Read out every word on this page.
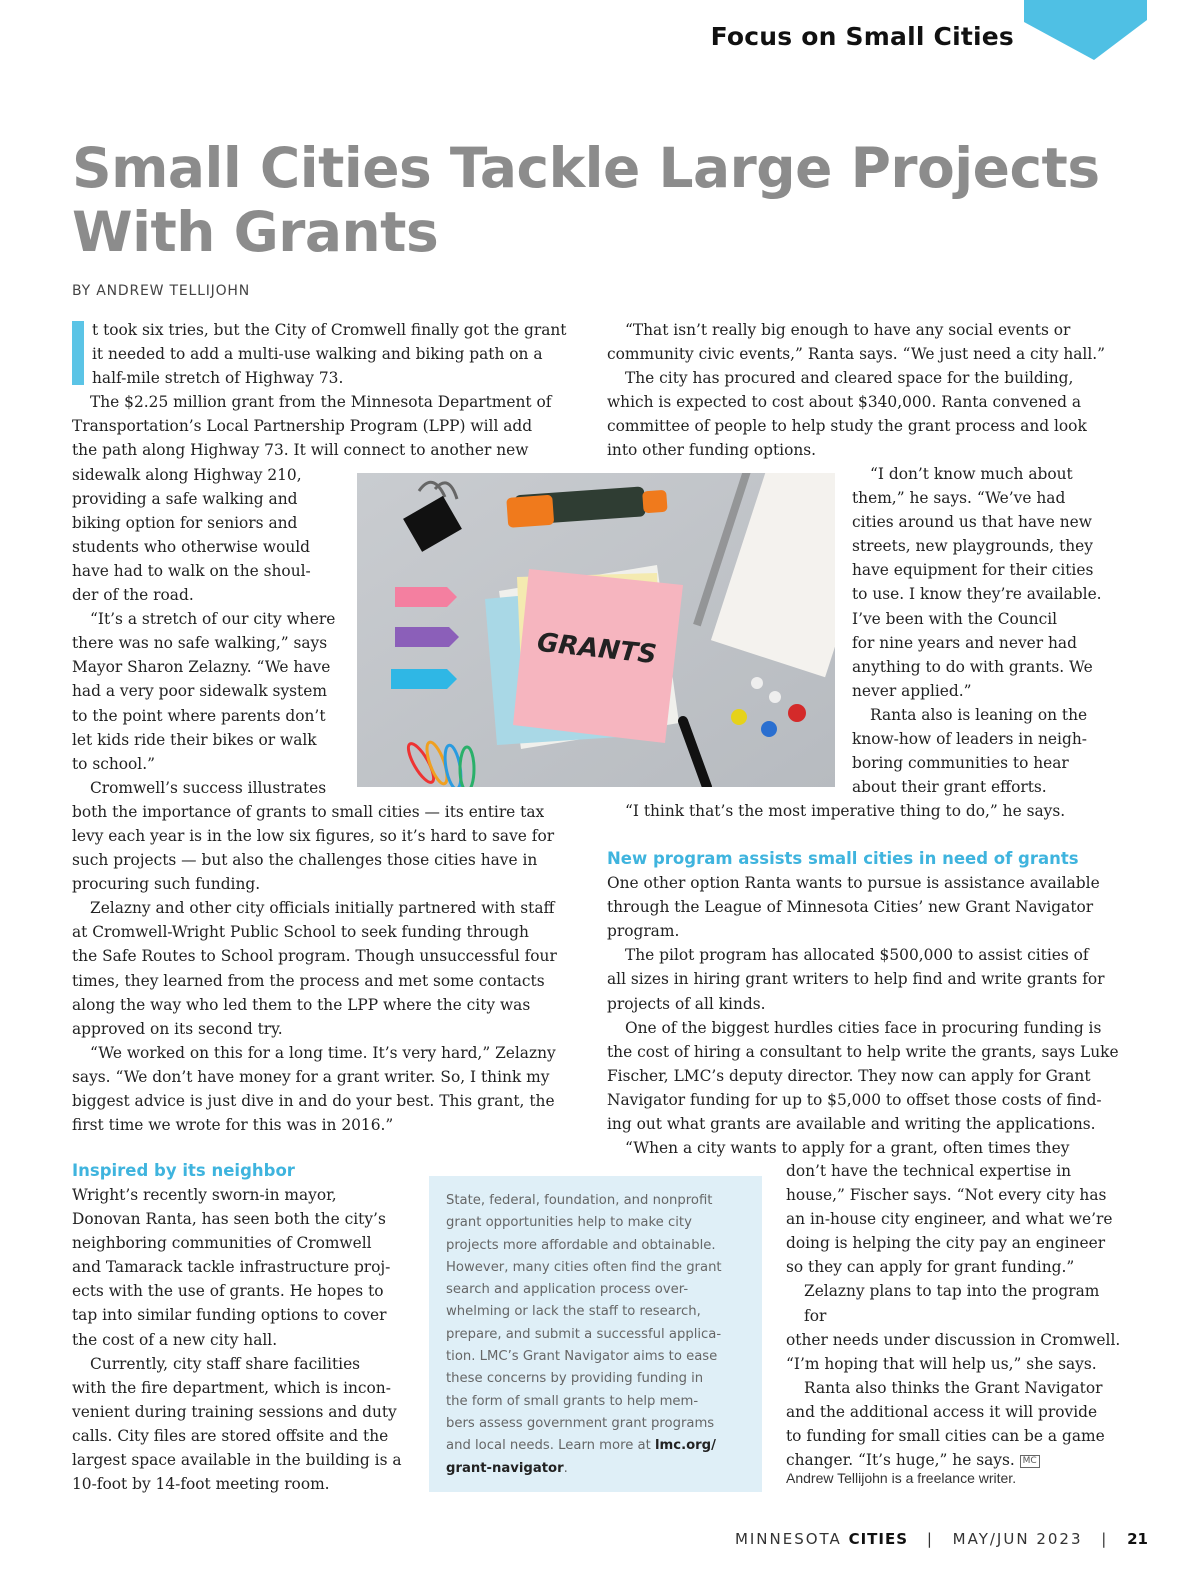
Focus on Small Cities
Small Cities Tackle Large Projects
With Grants
BY ANDREW TELLIJOHN
t took six tries, but the City of Cromwell finally got the grant
it needed to add a multi-use walking and biking path on a
half-mile stretch of Highway 73.
The $2.25 million grant from the Minnesota Department of
Transportation’s Local Partnership Program (LPP) will add
the path along Highway 73. It will connect to another new
sidewalk along Highway 210,
providing a safe walking and
biking option for seniors and
students who otherwise would
have had to walk on the shoul-
der of the road.
“It’s a stretch of our city where
there was no safe walking,” says
Mayor Sharon Zelazny. “We have
had a very poor sidewalk system
to the point where parents don’t
let kids ride their bikes or walk
to school.”
Cromwell’s success illustrates
both the importance of grants to small cities — its entire tax
levy each year is in the low six figures, so it’s hard to save for
such projects — but also the challenges those cities have in
procuring such funding.
Zelazny and other city officials initially partnered with staff
at Cromwell-Wright Public School to seek funding through
the Safe Routes to School program. Though unsuccessful four
times, they learned from the process and met some contacts
along the way who led them to the LPP where the city was
approved on its second try.
“We worked on this for a long time. It’s very hard,” Zelazny
says. “We don’t have money for a grant writer. So, I think my
biggest advice is just dive in and do your best. This grant, the
first time we wrote for this was in 2016.”
Inspired by its neighbor
Wright’s recently sworn-in mayor,
Donovan Ranta, has seen both the city’s
neighboring communities of Cromwell
and Tamarack tackle infrastructure proj-
ects with the use of grants. He hopes to
tap into similar funding options to cover
the cost of a new city hall.
Currently, city staff share facilities
with the fire department, which is incon-
venient during training sessions and duty
calls. City files are stored offsite and the
largest space available in the building is a
10-foot by 14-foot meeting room.
“That isn’t really big enough to have any social events or
community civic events,” Ranta says. “We just need a city hall.”
The city has procured and cleared space for the building,
which is expected to cost about $340,000. Ranta convened a
committee of people to help study the grant process and look
into other funding options.
“I don’t know much about
them,” he says. “We’ve had
cities around us that have new
streets, new playgrounds, they
have equipment for their cities
to use. I know they’re available.
I’ve been with the Council
for nine years and never had
anything to do with grants. We
never applied.”
Ranta also is leaning on the
know-how of leaders in neigh-
boring communities to hear
about their grant efforts.
“I think that’s the most imperative thing to do,” he says.
New program assists small cities in need of grants
One other option Ranta wants to pursue is assistance available
through the League of Minnesota Cities’ new Grant Navigator
program.
The pilot program has allocated $500,000 to assist cities of
all sizes in hiring grant writers to help find and write grants for
projects of all kinds.
One of the biggest hurdles cities face in procuring funding is
the cost of hiring a consultant to help write the grants, says Luke
Fischer, LMC’s deputy director. They now can apply for Grant
Navigator funding for up to $5,000 to offset those costs of find-
ing out what grants are available and writing the applications.
“When a city wants to apply for a grant, often times they
don’t have the technical expertise in
house,” Fischer says. “Not every city has
an in-house city engineer, and what we’re
doing is helping the city pay an engineer
so they can apply for grant funding.”
Zelazny plans to tap into the program for
other needs under discussion in Cromwell.
“I’m hoping that will help us,” she says.
Ranta also thinks the Grant Navigator
and the additional access it will provide
to funding for small cities can be a game
changer. “It’s huge,” he says. MC
GRANTS

State, federal, foundation, and nonprofit
grant opportunities help to make city
projects more affordable and obtainable.
However, many cities often find the grant
search and application process over-
whelming or lack the staff to research,
prepare, and submit a successful applica-
tion. LMC’s Grant Navigator aims to ease
these concerns by providing funding in
the form of small grants to help mem-
bers assess government grant programs
and local needs. Learn more at lmc.org/
grant-navigator.

Andrew Tellijohn is a freelance writer.
MINNESOTA CITIES | MAY/JUN 2023 | 21
